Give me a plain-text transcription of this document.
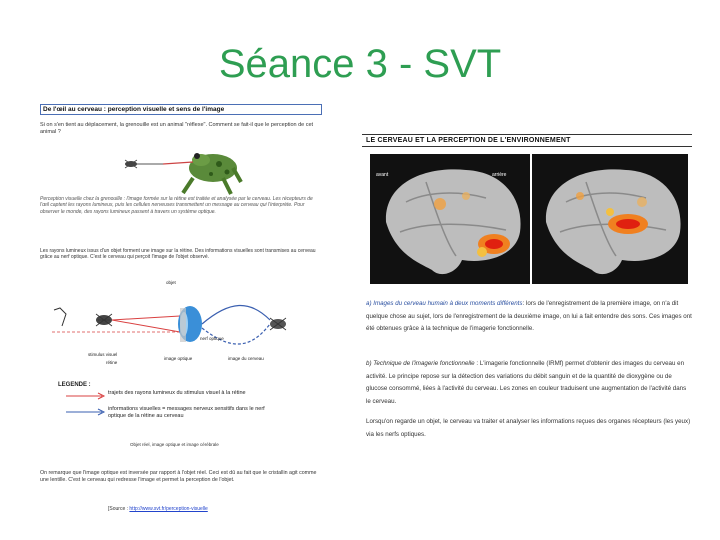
Séance 3 - SVT
De l'œil au cerveau : perception visuelle et sens de l'image
Si on s'en tient au déplacement, la grenouille est un animal "réflexe". Comment se fait-il que le perception de cet animal ?
Perception visuelle chez la grenouille : l'image formée sur la rétine est traitée et analysée par le cerveau. Les récepteurs de l'œil captent les rayons lumineux, puis les cellules nerveuses transmettent un message au cerveau qui l'interprète. Pour observer le monde, des rayons lumineux passent à travers un système optique.
Les rayons lumineux issus d'un objet forment une image sur la rétine. Des informations visuelles sont transmises au cerveau grâce au nerf optique. C'est le cerveau qui perçoit l'image de l'objet observé.
objet
stimulus visuel
rétine
image optique
nerf optique
image du cerveau
LEGENDE :
trajets des rayons lumineux du stimulus visuel à la rétine
informations visuelles = messages nerveux sensitifs dans le nerf optique de la rétine au cerveau
Objet réel, image optique et image cérébrale
On remarque que l'image optique est inversée par rapport à l'objet réel. Ceci est dû au fait que le cristallin agit comme une lentille. C'est le cerveau qui redresse l'image et permet la perception de l'objet.
[Source : http://www.svt.fr/perception-visuelle
LE CERVEAU ET LA PERCEPTION DE L'ENVIRONNEMENT
avant	arrière
a) Images du cerveau humain à deux moments différents: lors de l'enregistrement de la première image, on n'a dit quelque chose au sujet, lors de l'enregistrement de la deuxième image, on lui a fait entendre des sons. Ces images ont été obtenues grâce à la technique de l'imagerie fonctionnelle.
b) Technique de l'imagerie fonctionnelle : L'imagerie fonctionnelle (IRMf) permet d'obtenir des images du cerveau en activité. Le principe repose sur la détection des variations du débit sanguin et de la quantité de dioxygène ou de glucose consommé, liées à l'activité du cerveau. Les zones en couleur traduisent une augmentation de l'activité dans le cerveau.
Lorsqu'on regarde un objet, le cerveau va traiter et analyser les informations reçues des organes récepteurs (les yeux) via les nerfs optiques.
